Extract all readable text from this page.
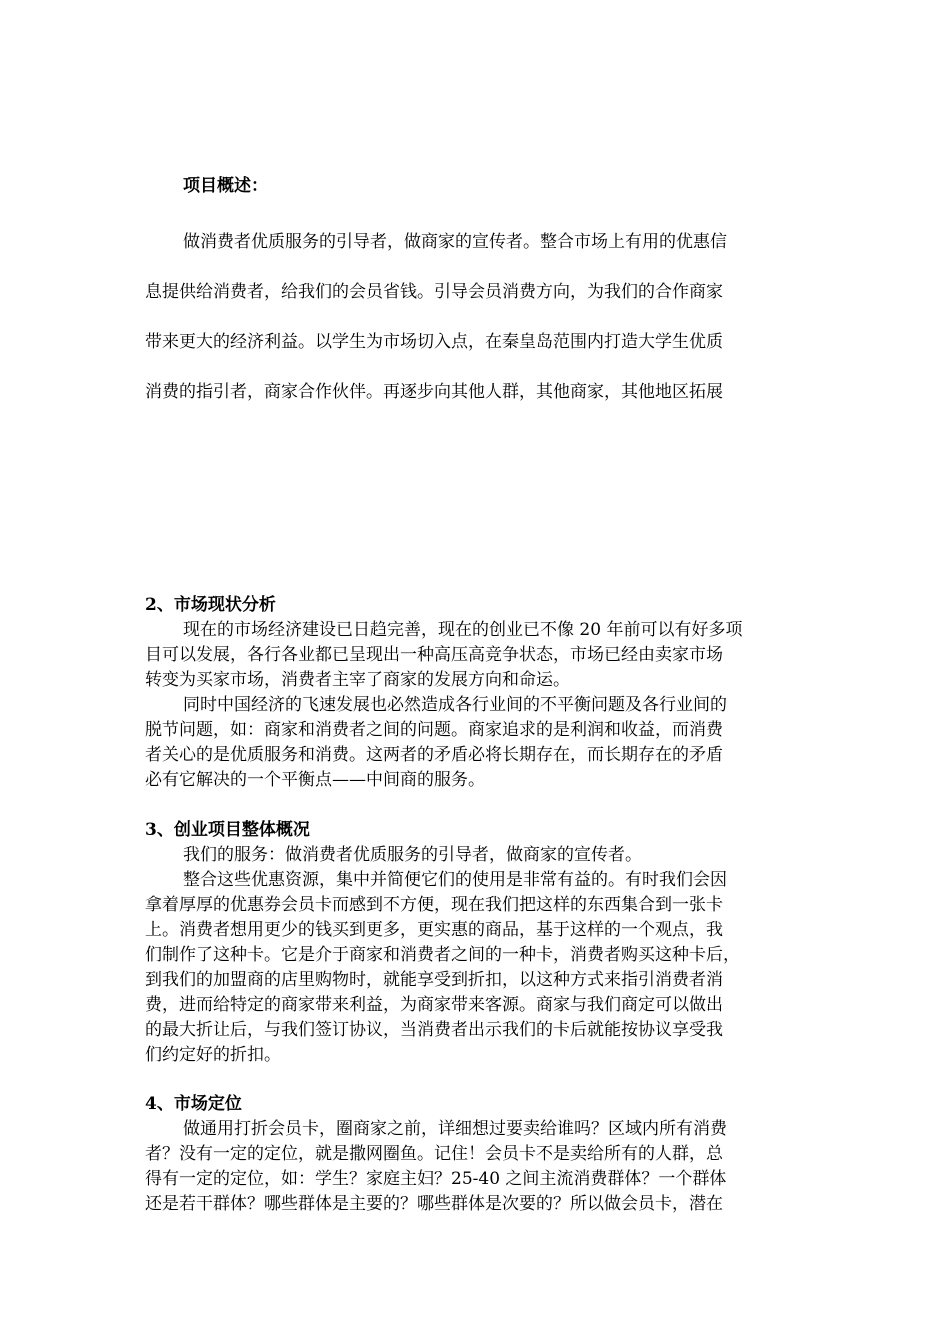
项目概述：
做消费者优质服务的引导者，做商家的宣传者。整合市场上有用的优惠信
息提供给消费者，给我们的会员省钱。引导会员消费方向，为我们的合作商家
带来更大的经济利益。以学生为市场切入点，在秦皇岛范围内打造大学生优质
消费的指引者，商家合作伙伴。再逐步向其他人群，其他商家，其他地区拓展
2、市场现状分析
现在的市场经济建设已日趋完善，现在的创业已不像 20 年前可以有好多项
目可以发展，各行各业都已呈现出一种高压高竞争状态，市场已经由卖家市场
转变为买家市场，消费者主宰了商家的发展方向和命运。
同时中国经济的飞速发展也必然造成各行业间的不平衡问题及各行业间的
脱节问题，如：商家和消费者之间的问题。商家追求的是利润和收益，而消费
者关心的是优质服务和消费。这两者的矛盾必将长期存在，而长期存在的矛盾
必有它解决的一个平衡点——中间商的服务。
3、创业项目整体概况
我们的服务：做消费者优质服务的引导者，做商家的宣传者。
整合这些优惠资源，集中并简便它们的使用是非常有益的。有时我们会因
拿着厚厚的优惠券会员卡而感到不方便，现在我们把这样的东西集合到一张卡
上。消费者想用更少的钱买到更多，更实惠的商品，基于这样的一个观点，我
们制作了这种卡。它是介于商家和消费者之间的一种卡，消费者购买这种卡后，
到我们的加盟商的店里购物时，就能享受到折扣，以这种方式来指引消费者消
费，进而给特定的商家带来利益，为商家带来客源。商家与我们商定可以做出
的最大折让后，与我们签订协议，当消费者出示我们的卡后就能按协议享受我
们约定好的折扣。
4、市场定位
做通用打折会员卡，圈商家之前，详细想过要卖给谁吗？区域内所有消费
者？没有一定的定位，就是撒网圈鱼。记住！会员卡不是卖给所有的人群，总
得有一定的定位，如：学生？家庭主妇？25-40 之间主流消费群体？一个群体
还是若干群体？哪些群体是主要的？哪些群体是次要的？所以做会员卡，潜在
